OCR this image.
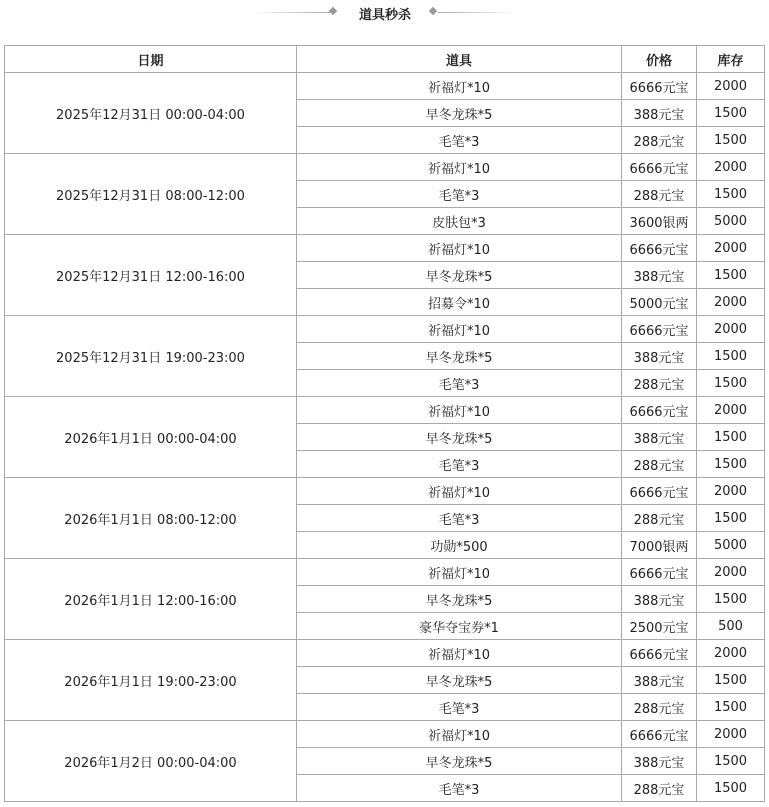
道具秒杀
日期	道具	价格	库存
2025年12月31日 00:00-04:00	祈福灯*10	6666元宝	2000
	早冬龙珠*5	388元宝	1500
	毛笔*3	288元宝	1500
2025年12月31日 08:00-12:00	祈福灯*10	6666元宝	2000
	毛笔*3	288元宝	1500
	皮肤包*3	3600银两	5000
2025年12月31日 12:00-16:00	祈福灯*10	6666元宝	2000
	早冬龙珠*5	388元宝	1500
	招募令*10	5000元宝	2000
2025年12月31日 19:00-23:00	祈福灯*10	6666元宝	2000
	早冬龙珠*5	388元宝	1500
	毛笔*3	288元宝	1500
2026年1月1日 00:00-04:00	祈福灯*10	6666元宝	2000
	早冬龙珠*5	388元宝	1500
	毛笔*3	288元宝	1500
2026年1月1日 08:00-12:00	祈福灯*10	6666元宝	2000
	毛笔*3	288元宝	1500
	功勋*500	7000银两	5000
2026年1月1日 12:00-16:00	祈福灯*10	6666元宝	2000
	早冬龙珠*5	388元宝	1500
	豪华夺宝券*1	2500元宝	500
2026年1月1日 19:00-23:00	祈福灯*10	6666元宝	2000
	早冬龙珠*5	388元宝	1500
	毛笔*3	288元宝	1500
2026年1月2日 00:00-04:00	祈福灯*10	6666元宝	2000
	早冬龙珠*5	388元宝	1500
	毛笔*3	288元宝	1500
